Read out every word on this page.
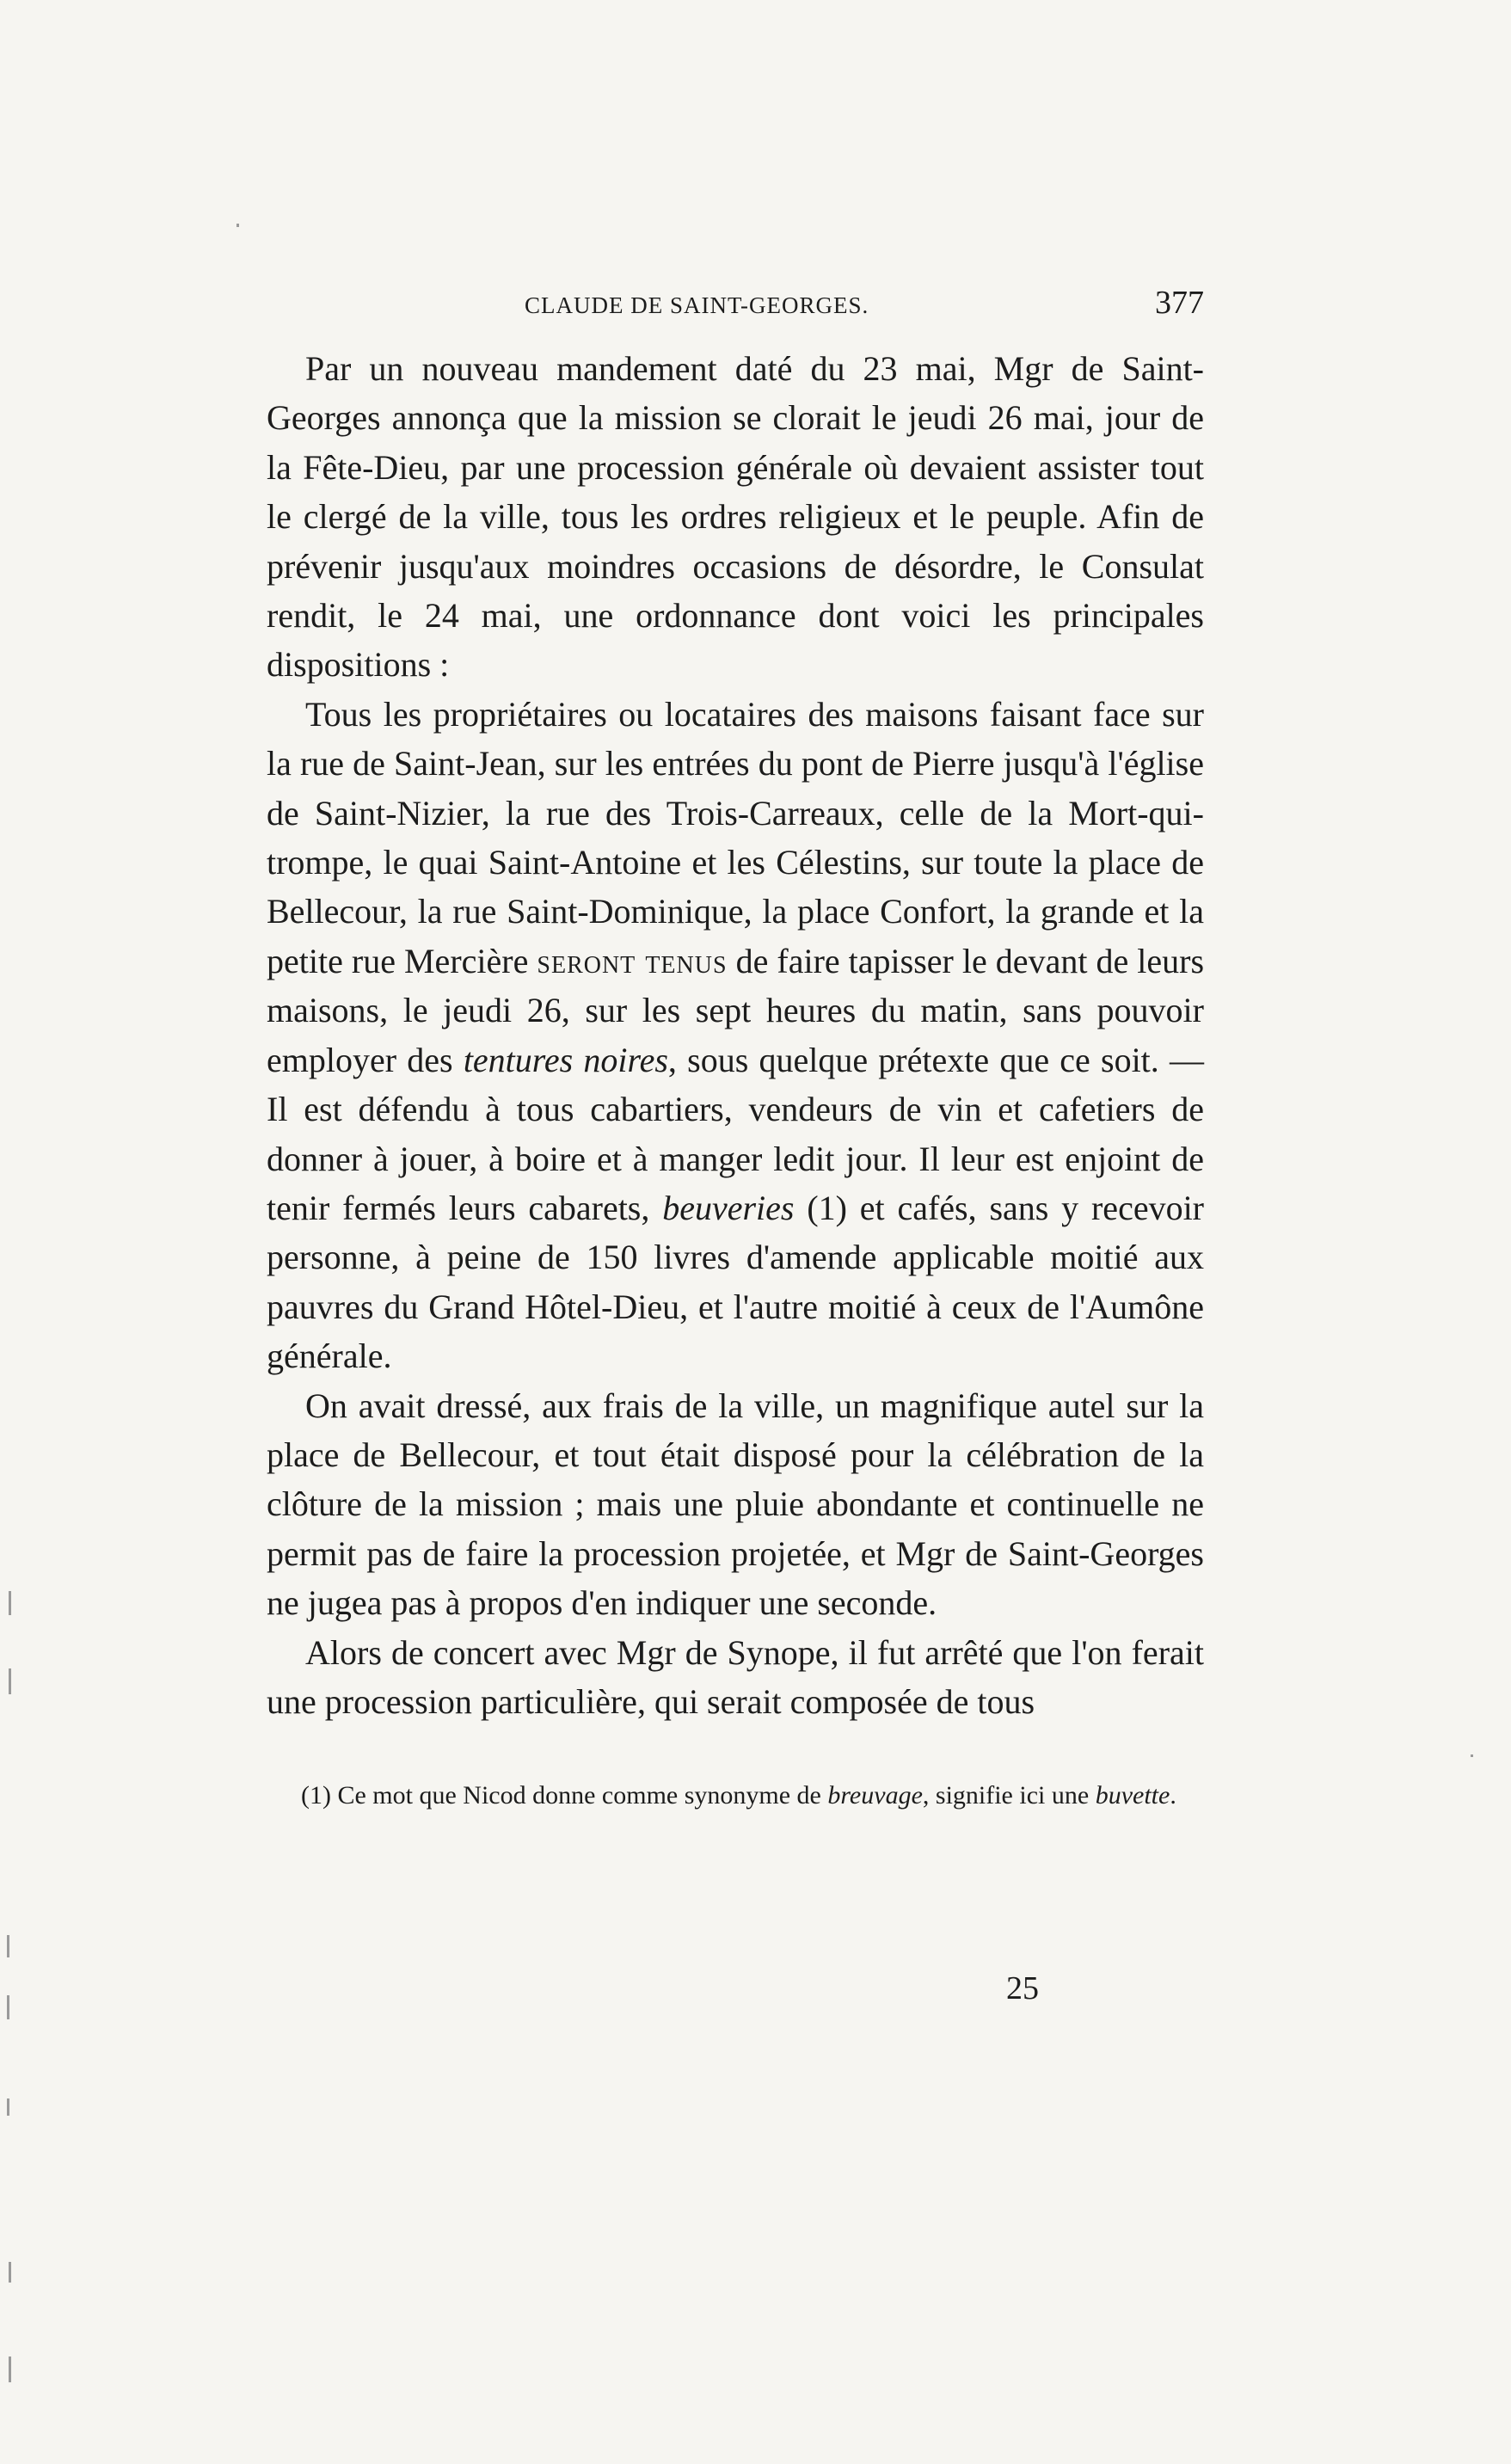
CLAUDE DE SAINT-GEORGES.	377

Par un nouveau mandement daté du 23 mai, Mgr de Saint-Georges annonça que la mission se clorait le jeudi 26 mai, jour de la Fête-Dieu, par une procession générale où devaient assister tout le clergé de la ville, tous les ordres religieux et le peuple. Afin de prévenir jusqu'aux moindres occasions de désordre, le Consulat rendit, le 24 mai, une ordonnance dont voici les principales dispositions :

Tous les propriétaires ou locataires des maisons faisant face sur la rue de Saint-Jean, sur les entrées du pont de Pierre jusqu'à l'église de Saint-Nizier, la rue des Trois-Carreaux, celle de la Mort-qui-trompe, le quai Saint-Antoine et les Célestins, sur toute la place de Bellecour, la rue Saint-Dominique, la place Confort, la grande et la petite rue Mercière seront tenus de faire tapisser le devant de leurs maisons, le jeudi 26, sur les sept heures du matin, sans pouvoir employer des tentures noires, sous quelque prétexte que ce soit. — Il est défendu à tous cabartiers, vendeurs de vin et cafetiers de donner à jouer, à boire et à manger ledit jour. Il leur est enjoint de tenir fermés leurs cabarets, beuveries (1) et cafés, sans y recevoir personne, à peine de 150 livres d'amende applicable moitié aux pauvres du Grand Hôtel-Dieu, et l'autre moitié à ceux de l'Aumône générale.

On avait dressé, aux frais de la ville, un magnifique autel sur la place de Bellecour, et tout était disposé pour la célébration de la clôture de la mission ; mais une pluie abondante et continuelle ne permit pas de faire la procession projetée, et Mgr de Saint-Georges ne jugea pas à propos d'en indiquer une seconde.

Alors de concert avec Mgr de Synope, il fut arrêté que l'on ferait une procession particulière, qui serait composée de tous

(1) Ce mot que Nicod donne comme synonyme de breuvage, signifie ici une buvette.

25
